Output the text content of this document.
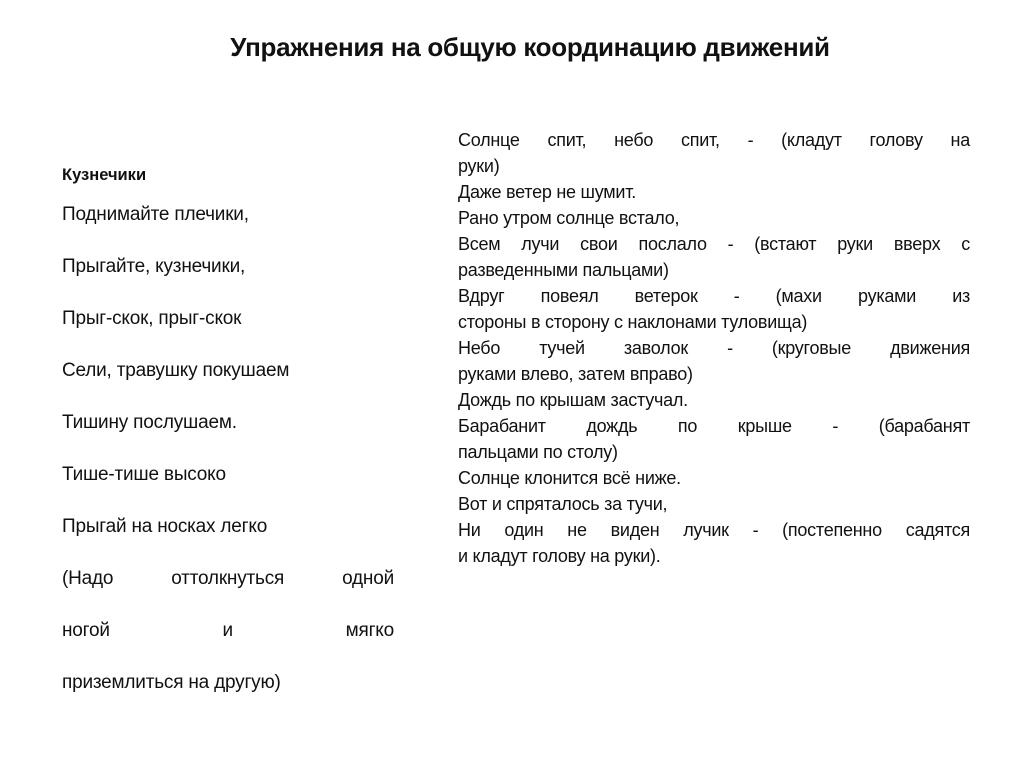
Упражнения на общую координацию движений
Кузнечики
Поднимайте плечики,
Прыгайте, кузнечики,
Прыг-скок, прыг-скок
Сели, травушку покушаем
Тишину послушаем.
Тише-тише высоко
Прыгай на носках легко
(Надо оттолкнуться одной
ногой и мягко
приземлиться на другую)
Солнце спит, небо спит, - (кладут голову на
руки)
Даже ветер не шумит.
Рано утром солнце встало,
Всем лучи свои послало - (встают руки вверх с
разведенными пальцами)
Вдруг повеял ветерок - (махи руками из
стороны в сторону с наклонами туловища)
Небо тучей заволок - (круговые движения
руками влево, затем вправо)
Дождь по крышам застучал.
Барабанит дождь по крыше - (барабанят
пальцами по столу)
Солнце клонится всё ниже.
Вот и спряталось за тучи,
Ни один не виден лучик - (постепенно садятся
и кладут голову на руки).
